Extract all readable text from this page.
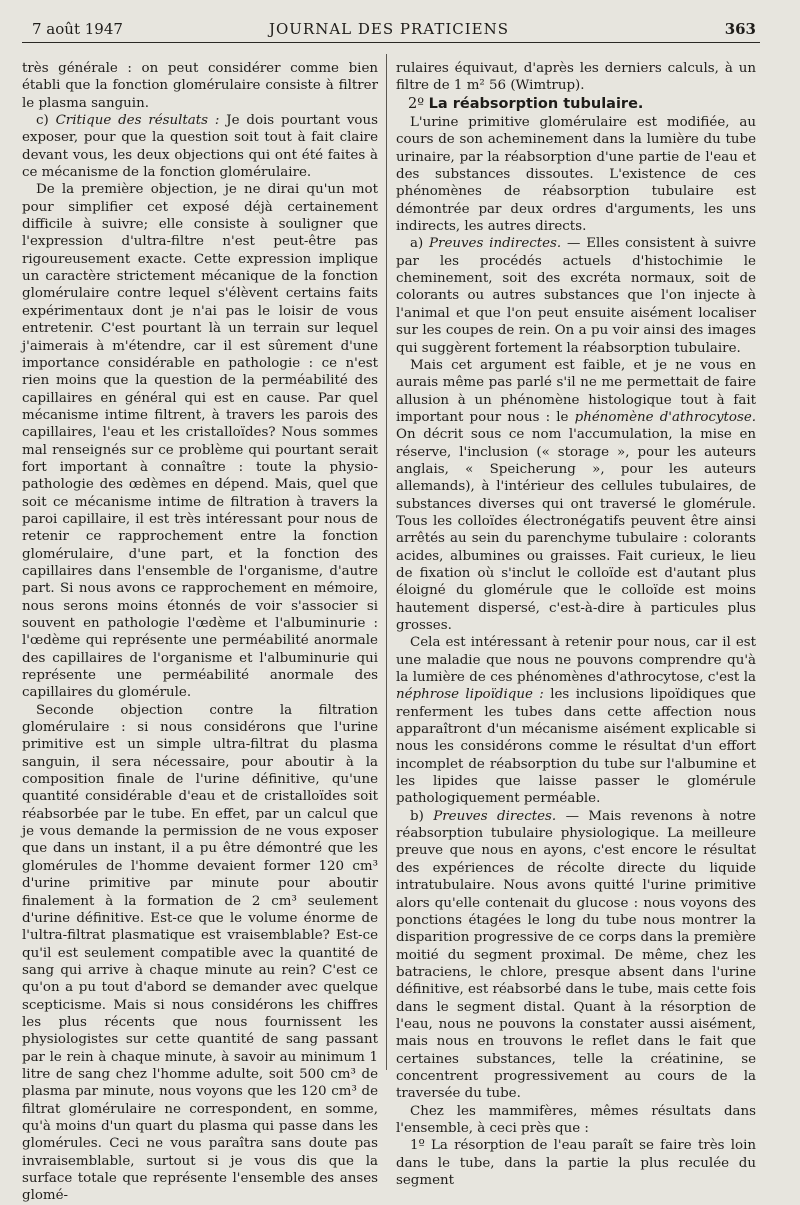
7 août 1947	JOURNAL DES PRATICIENS	363

très générale : on peut considérer comme bien établi que la fonction glomérulaire consiste à filtrer le plasma sanguin.

c) Critique des résultats : Je dois pourtant vous exposer, pour que la question soit tout à fait claire devant vous, les deux objections qui ont été faites à ce mécanisme de la fonction glomérulaire.

De la première objection, je ne dirai qu'un mot pour simplifier cet exposé déjà certainement difficile à suivre; elle consiste à souligner que l'expression d'ultra-filtre n'est peut-être pas rigoureusement exacte. Cette expression implique un caractère strictement mécanique de la fonction glomérulaire contre lequel s'élèvent certains faits expérimentaux dont je n'ai pas le loisir de vous entretenir. C'est pourtant là un terrain sur lequel j'aimerais à m'étendre, car il est sûrement d'une importance considérable en pathologie : ce n'est rien moins que la question de la perméabilité des capillaires en général qui est en cause. Par quel mécanisme intime filtrent, à travers les parois des capillaires, l'eau et les cristalloïdes? Nous sommes mal renseignés sur ce problème qui pourtant serait fort important à connaître : toute la physio-pathologie des œdèmes en dépend. Mais, quel que soit ce mécanisme intime de filtration à travers la paroi capillaire, il est très intéressant pour nous de retenir ce rapprochement entre la fonction glomérulaire, d'une part, et la fonction des capillaires dans l'ensemble de l'organisme, d'autre part. Si nous avons ce rapprochement en mémoire, nous serons moins étonnés de voir s'associer si souvent en pathologie l'œdème et l'albuminurie : l'œdème qui représente une perméabilité anormale des capillaires de l'organisme et l'albuminurie qui représente une perméabilité anormale des capillaires du glomérule.

Seconde objection contre la filtration glomérulaire : si nous considérons que l'urine primitive est un simple ultra-filtrat du plasma sanguin, il sera nécessaire, pour aboutir à la composition finale de l'urine définitive, qu'une quantité considérable d'eau et de cristalloïdes soit réabsorbée par le tube. En effet, par un calcul que je vous demande la permission de ne vous exposer que dans un instant, il a pu être démontré que les glomérules de l'homme devaient former 120 cm³ d'urine primitive par minute pour aboutir finalement à la formation de 2 cm³ seulement d'urine définitive. Est-ce que le volume énorme de l'ultra-filtrat plasmatique est vraisemblable? Est-ce qu'il est seulement compatible avec la quantité de sang qui arrive à chaque minute au rein? C'est ce qu'on a pu tout d'abord se demander avec quelque scepticisme. Mais si nous considérons les chiffres les plus récents que nous fournissent les physiologistes sur cette quantité de sang passant par le rein à chaque minute, à savoir au minimum 1 litre de sang chez l'homme adulte, soit 500 cm³ de plasma par minute, nous voyons que les 120 cm³ de filtrat glomérulaire ne correspondent, en somme, qu'à moins d'un quart du plasma qui passe dans les glomérules. Ceci ne vous paraîtra sans doute pas invraisemblable, surtout si je vous dis que la surface totale que représente l'ensemble des anses glomé-

rulaires équivaut, d'après les derniers calculs, à un filtre de 1 m² 56 (Wimtrup).

2º La réabsorption tubulaire.

L'urine primitive glomérulaire est modifiée, au cours de son acheminement dans la lumière du tube urinaire, par la réabsorption d'une partie de l'eau et des substances dissoutes. L'existence de ces phénomènes de réabsorption tubulaire est démontrée par deux ordres d'arguments, les uns indirects, les autres directs.

a) Preuves indirectes. — Elles consistent à suivre par les procédés actuels d'histochimie le cheminement, soit des excréta normaux, soit de colorants ou autres substances que l'on injecte à l'animal et que l'on peut ensuite aisément localiser sur les coupes de rein. On a pu voir ainsi des images qui suggèrent fortement la réabsorption tubulaire.

Mais cet argument est faible, et je ne vous en aurais même pas parlé s'il ne me permettait de faire allusion à un phénomène histologique tout à fait important pour nous : le phénomène d'athrocytose. On décrit sous ce nom l'accumulation, la mise en réserve, l'inclusion (« storage », pour les auteurs anglais, « Speicherung », pour les auteurs allemands), à l'intérieur des cellules tubulaires, de substances diverses qui ont traversé le glomérule. Tous les colloïdes électronégatifs peuvent être ainsi arrêtés au sein du parenchyme tubulaire : colorants acides, albumines ou graisses. Fait curieux, le lieu de fixation où s'inclut le colloïde est d'autant plus éloigné du glomérule que le colloïde est moins hautement dispersé, c'est-à-dire à particules plus grosses.

Cela est intéressant à retenir pour nous, car il est une maladie que nous ne pouvons comprendre qu'à la lumière de ces phénomènes d'athrocytose, c'est la néphrose lipoïdique : les inclusions lipoïdiques que renferment les tubes dans cette affection nous apparaîtront d'un mécanisme aisément explicable si nous les considérons comme le résultat d'un effort incomplet de réabsorption du tube sur l'albumine et les lipides que laisse passer le glomérule pathologiquement perméable.

b) Preuves directes. — Mais revenons à notre réabsorption tubulaire physiologique. La meilleure preuve que nous en ayons, c'est encore le résultat des expériences de récolte directe du liquide intratubulaire. Nous avons quitté l'urine primitive alors qu'elle contenait du glucose : nous voyons des ponctions étagées le long du tube nous montrer la disparition progressive de ce corps dans la première moitié du segment proximal. De même, chez les batraciens, le chlore, presque absent dans l'urine définitive, est réabsorbé dans le tube, mais cette fois dans le segment distal. Quant à la résorption de l'eau, nous ne pouvons la constater aussi aisément, mais nous en trouvons le reflet dans le fait que certaines substances, telle la créatinine, se concentrent progressivement au cours de la traversée du tube.

Chez les mammifères, mêmes résultats dans l'ensemble, à ceci près que :

1º La résorption de l'eau paraît se faire très loin dans le tube, dans la partie la plus reculée du segment
